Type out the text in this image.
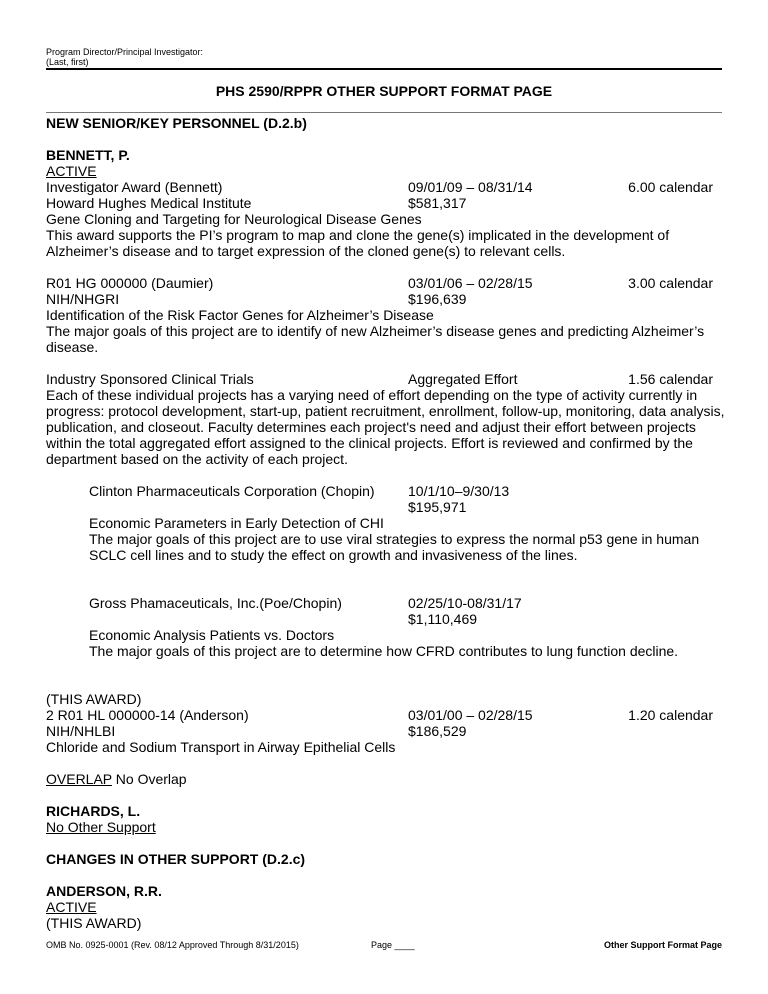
Program Director/Principal Investigator:
(Last, first)
PHS 2590/RPPR OTHER SUPPORT FORMAT PAGE
NEW SENIOR/KEY PERSONNEL (D.2.b)
BENNETT, P.
ACTIVE
Investigator Award (Bennett)	09/01/09 – 08/31/14	6.00 calendar
Howard Hughes Medical Institute	$581,317
Gene Cloning and Targeting for Neurological Disease Genes
This award supports the PI’s program to map and clone the gene(s) implicated in the development of
Alzheimer’s disease and to target expression of the cloned gene(s) to relevant cells.
R01 HG 000000 (Daumier)	03/01/06 – 02/28/15	3.00 calendar
NIH/NHGRI	$196,639
Identification of the Risk Factor Genes for Alzheimer’s Disease
The major goals of this project are to identify of new Alzheimer’s disease genes and predicting Alzheimer’s
disease.
Industry Sponsored Clinical Trials	Aggregated Effort	1.56 calendar
Each of these individual projects has a varying need of effort depending on the type of activity currently in
progress: protocol development, start-up, patient recruitment, enrollment, follow-up, monitoring, data analysis,
publication, and closeout. Faculty determines each project's need and adjust their effort between projects
within the total aggregated effort assigned to the clinical projects. Effort is reviewed and confirmed by the
department based on the activity of each project.
Clinton Pharmaceuticals Corporation (Chopin) 10/1/10–9/30/13
$195,971
Economic Parameters in Early Detection of CHI
The major goals of this project are to use viral strategies to express the normal p53 gene in human
SCLC cell lines and to study the effect on growth and invasiveness of the lines.
Gross Phamaceuticals, Inc.(Poe/Chopin)	02/25/10-08/31/17
$1,110,469
Economic Analysis Patients vs. Doctors
The major goals of this project are to determine how CFRD contributes to lung function decline.
(THIS AWARD)
2 R01 HL 000000-14 (Anderson)	03/01/00 – 02/28/15	1.20 calendar
NIH/NHLBI	$186,529
Chloride and Sodium Transport in Airway Epithelial Cells
OVERLAP No Overlap
RICHARDS, L.
No Other Support
CHANGES IN OTHER SUPPORT (D.2.c)
ANDERSON, R.R.
ACTIVE
(THIS AWARD)
OMB No. 0925-0001 (Rev. 08/12 Approved Through 8/31/2015)	Page ____	Other Support Format Page
